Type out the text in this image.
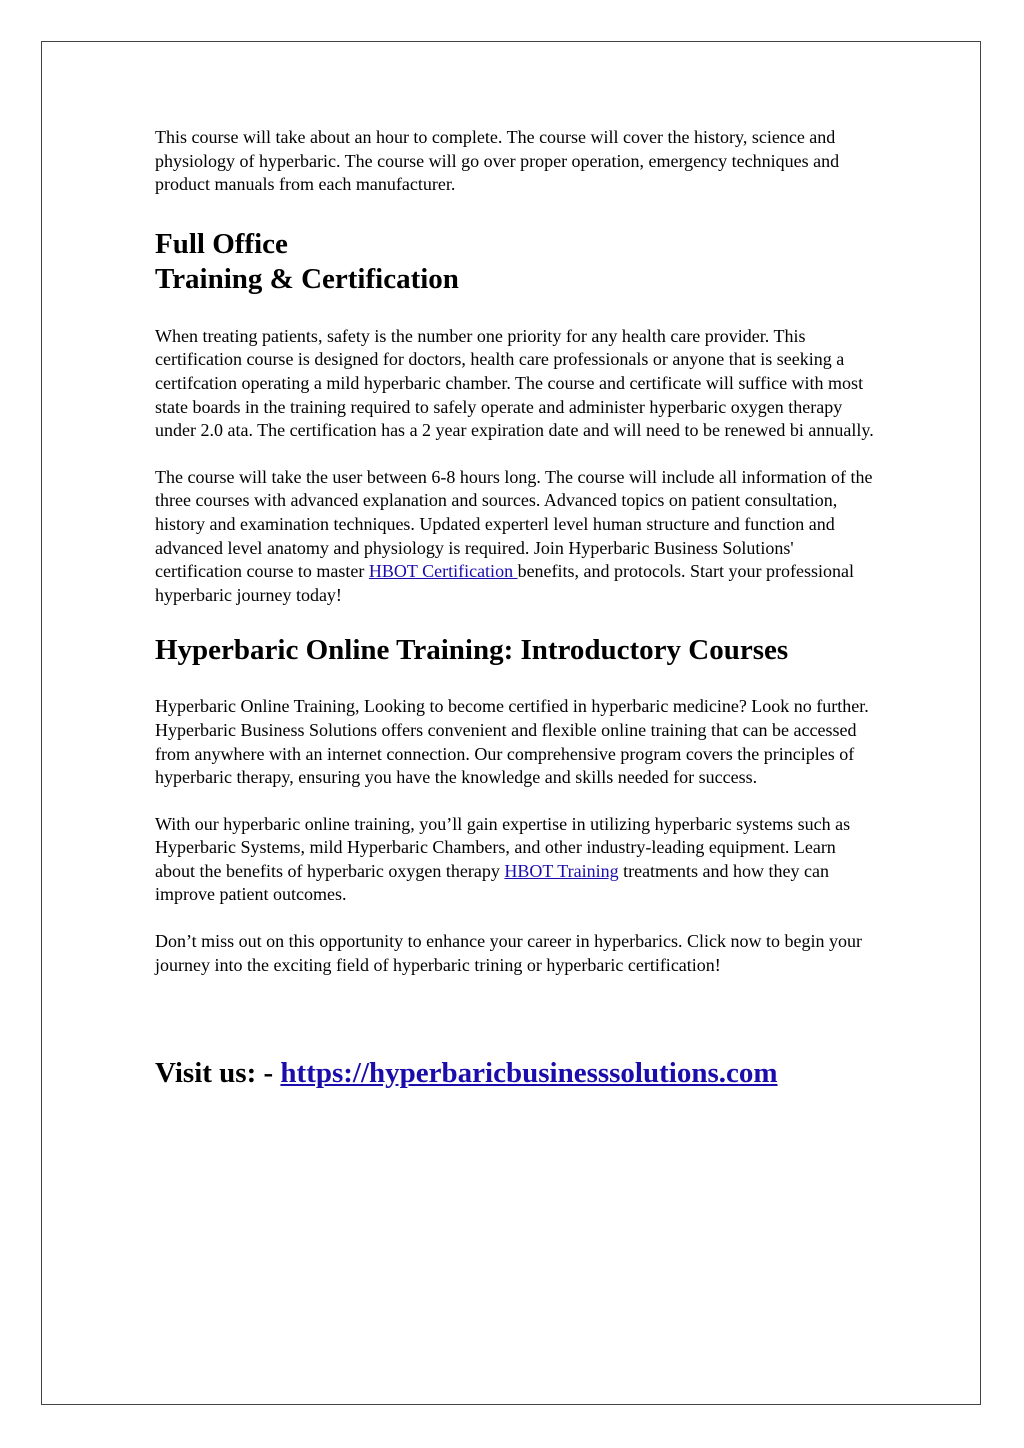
This course will take about an hour to complete. The course will cover the history, science and physiology of hyperbaric. The course will go over proper operation, emergency techniques and product manuals from each manufacturer.

Full Office
Training & Certification

When treating patients, safety is the number one priority for any health care provider. This certification course is designed for doctors, health care professionals or anyone that is seeking a certifcation operating a mild hyperbaric chamber. The course and certificate will suffice with most state boards in the training required to safely operate and administer hyperbaric oxygen therapy under 2.0 ata. The certification has a 2 year expiration date and will need to be renewed bi annually.

The course will take the user between 6-8 hours long. The course will include all information of the three courses with advanced explanation and sources. Advanced topics on patient consultation, history and examination techniques. Updated experterl level human structure and function and advanced level anatomy and physiology is required. Join Hyperbaric Business Solutions' certification course to master HBOT Certification benefits, and protocols. Start your professional hyperbaric journey today!

Hyperbaric Online Training: Introductory Courses

Hyperbaric Online Training, Looking to become certified in hyperbaric medicine? Look no further. Hyperbaric Business Solutions offers convenient and flexible online training that can be accessed from anywhere with an internet connection. Our comprehensive program covers the principles of hyperbaric therapy, ensuring you have the knowledge and skills needed for success.

With our hyperbaric online training, you’ll gain expertise in utilizing hyperbaric systems such as Hyperbaric Systems, mild Hyperbaric Chambers, and other industry-leading equipment. Learn about the benefits of hyperbaric oxygen therapy HBOT Training treatments and how they can improve patient outcomes.

Don’t miss out on this opportunity to enhance your career in hyperbarics. Click now to begin your journey into the exciting field of hyperbaric trining or hyperbaric certification!

Visit us: - https://hyperbaricbusinesssolutions.com
